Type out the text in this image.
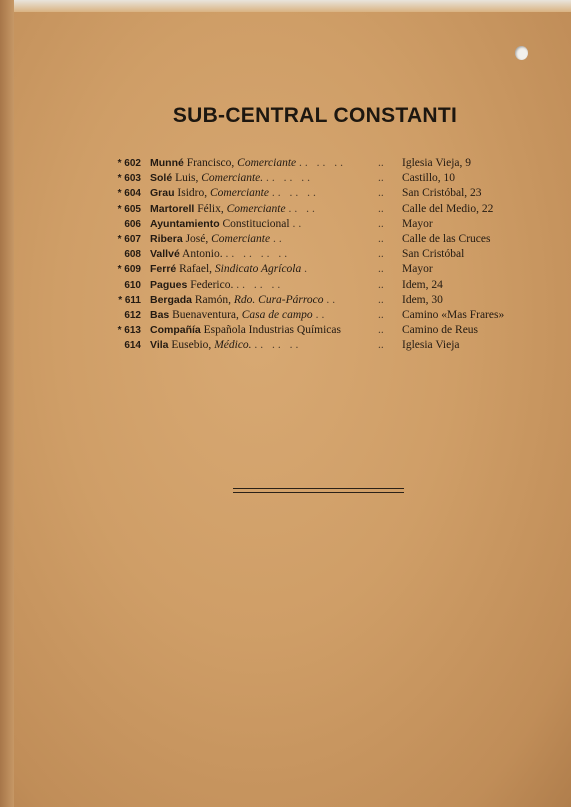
SUB-CENTRAL CONSTANTI
* 602 Munné Francisco, Comerciante .. .. ..	.. Iglesia Vieja, 9
* 603 Solé Luis, Comerciante. .. .. ..	.. Castillo, 10
* 604 Grau Isidro, Comerciante .. .. ..	.. San Cristóbal, 23
* 605 Martorell Félix, Comerciante .. ..	.. Calle del Medio, 22
606 Ayuntamiento Constitucional ..	.. Mayor
* 607 Ribera José, Comerciante ..	.. Calle de las Cruces
608 Vallvé Antonio. .. .. .. ..	.. San Cristóbal
* 609 Ferré Rafael, Sindicato Agrícola .	.. Mayor
610 Pagues Federico. .. .. ..	.. Idem, 24
* 611 Bergada Ramón, Rdo. Cura-Párroco ..	.. Idem, 30
612 Bas Buenaventura, Casa de campo ..	.. Camino «Mas Frares»
* 613 Compañía Española Industrias Químicas	.. Camino de Reus
614 Vila Eusebio, Médico. .. .. ..	.. Iglesia Vieja
